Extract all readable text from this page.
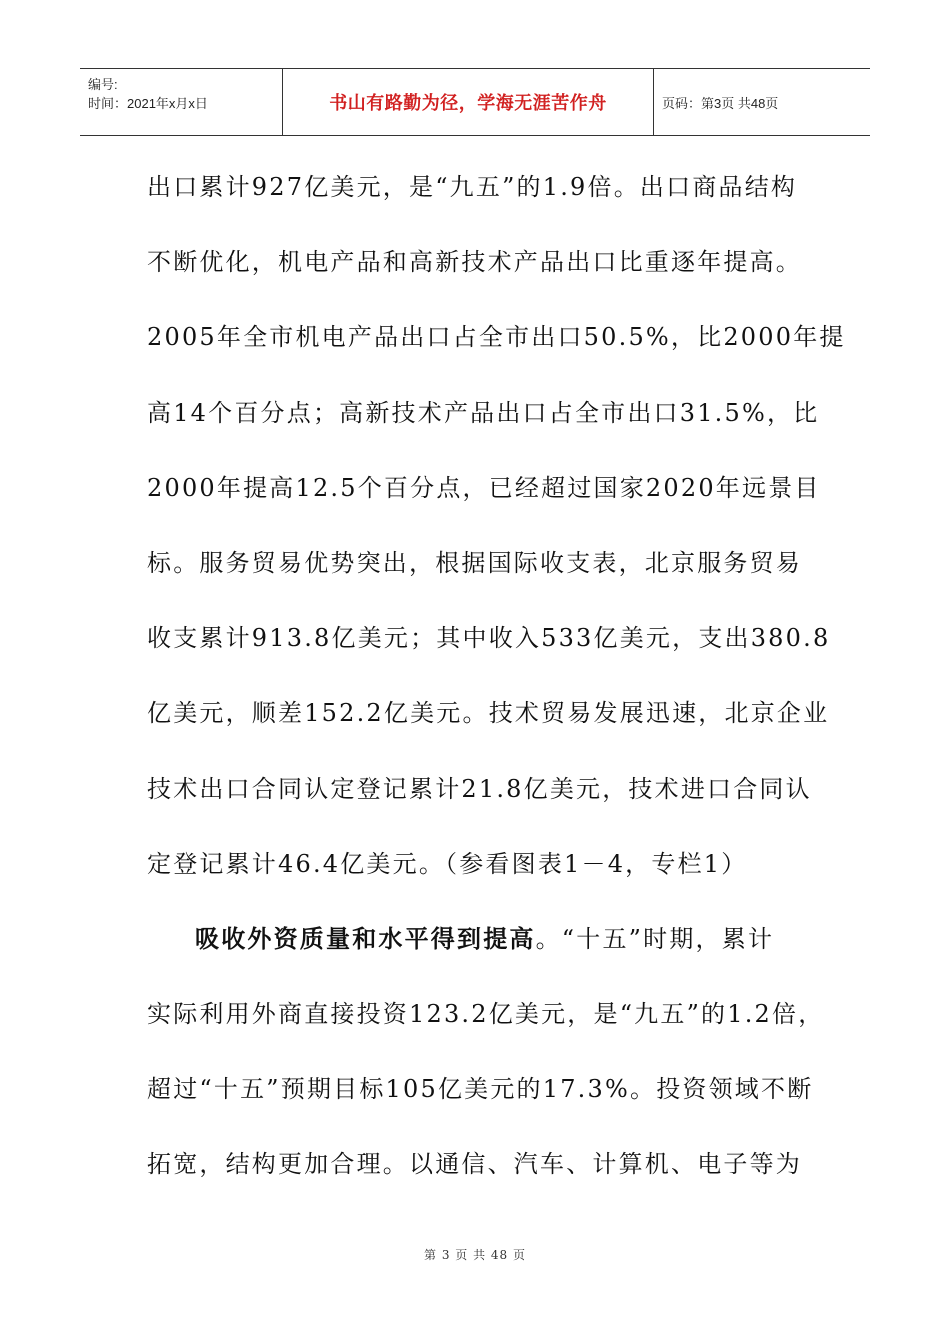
编号:
时间：2021年x月x日	书山有路勤为径，学海无涯苦作舟	页码：第3页 共48页
出口累计927亿美元，是“九五”的1.9倍。出口商品结构
不断优化，机电产品和高新技术产品出口比重逐年提高。
2005年全市机电产品出口占全市出口50.5%，比2000年提
高14个百分点；高新技术产品出口占全市出口31.5%，比
2000年提高12.5个百分点，已经超过国家2020年远景目
标。服务贸易优势突出，根据国际收支表，北京服务贸易
收支累计913.8亿美元；其中收入533亿美元，支出380.8
亿美元，顺差152.2亿美元。技术贸易发展迅速，北京企业
技术出口合同认定登记累计21.8亿美元，技术进口合同认
定登记累计46.4亿美元。（参看图表1－4，专栏1）
吸收外资质量和水平得到提高。“十五”时期，累计
实际利用外商直接投资123.2亿美元，是“九五”的1.2倍，
超过“十五”预期目标105亿美元的17.3%。投资领域不断
拓宽，结构更加合理。以通信、汽车、计算机、电子等为
第 3 页 共 48 页
